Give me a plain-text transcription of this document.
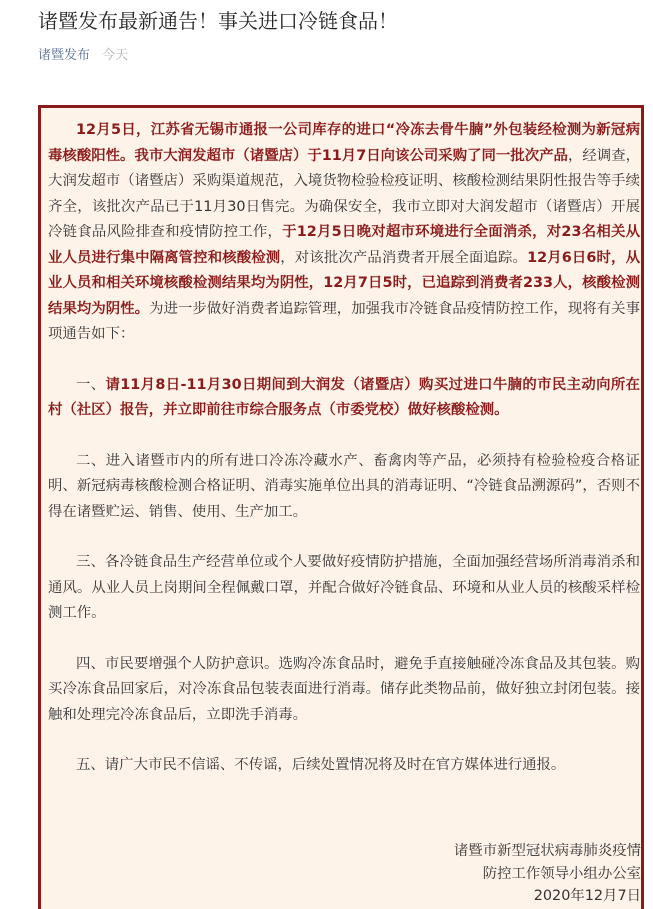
诸暨发布最新通告！事关进口冷链食品！
诸暨发布 今天

12月5日，江苏省无锡市通报一公司库存的进口“冷冻去骨牛腩”外包装经检测为新冠病毒核酸阳性。我市大润发超市（诸暨店）于11月7日向该公司采购了同一批次产品，经调查，大润发超市（诸暨店）采购渠道规范，入境货物检验检疫证明、核酸检测结果阴性报告等手续齐全，该批次产品已于11月30日售完。为确保安全，我市立即对大润发超市（诸暨店）开展冷链食品风险排查和疫情防控工作，于12月5日晚对超市环境进行全面消杀，对23名相关从业人员进行集中隔离管控和核酸检测，对该批次产品消费者开展全面追踪。12月6日6时，从业人员和相关环境核酸检测结果均为阴性，12月7日5时，已追踪到消费者233人，核酸检测结果均为阴性。为进一步做好消费者追踪管理，加强我市冷链食品疫情防控工作，现将有关事项通告如下：

一、请11月8日-11月30日期间到大润发（诸暨店）购买过进口牛腩的市民主动向所在村（社区）报告，并立即前往市综合服务点（市委党校）做好核酸检测。

二、进入诸暨市内的所有进口冷冻冷藏水产、畜禽肉等产品，必须持有检验检疫合格证明、新冠病毒核酸检测合格证明、消毒实施单位出具的消毒证明、“冷链食品溯源码”，否则不得在诸暨贮运、销售、使用、生产加工。

三、各冷链食品生产经营单位或个人要做好疫情防护措施，全面加强经营场所消毒消杀和通风。从业人员上岗期间全程佩戴口罩，并配合做好冷链食品、环境和从业人员的核酸采样检测工作。

四、市民要增强个人防护意识。选购冷冻食品时，避免手直接触碰冷冻食品及其包装。购买冷冻食品回家后，对冷冻食品包装表面进行消毒。储存此类物品前，做好独立封闭包装。接触和处理完冷冻食品后，立即洗手消毒。

五、请广大市民不信谣、不传谣，后续处置情况将及时在官方媒体进行通报。

诸暨市新型冠状病毒肺炎疫情
防控工作领导小组办公室
2020年12月7日
